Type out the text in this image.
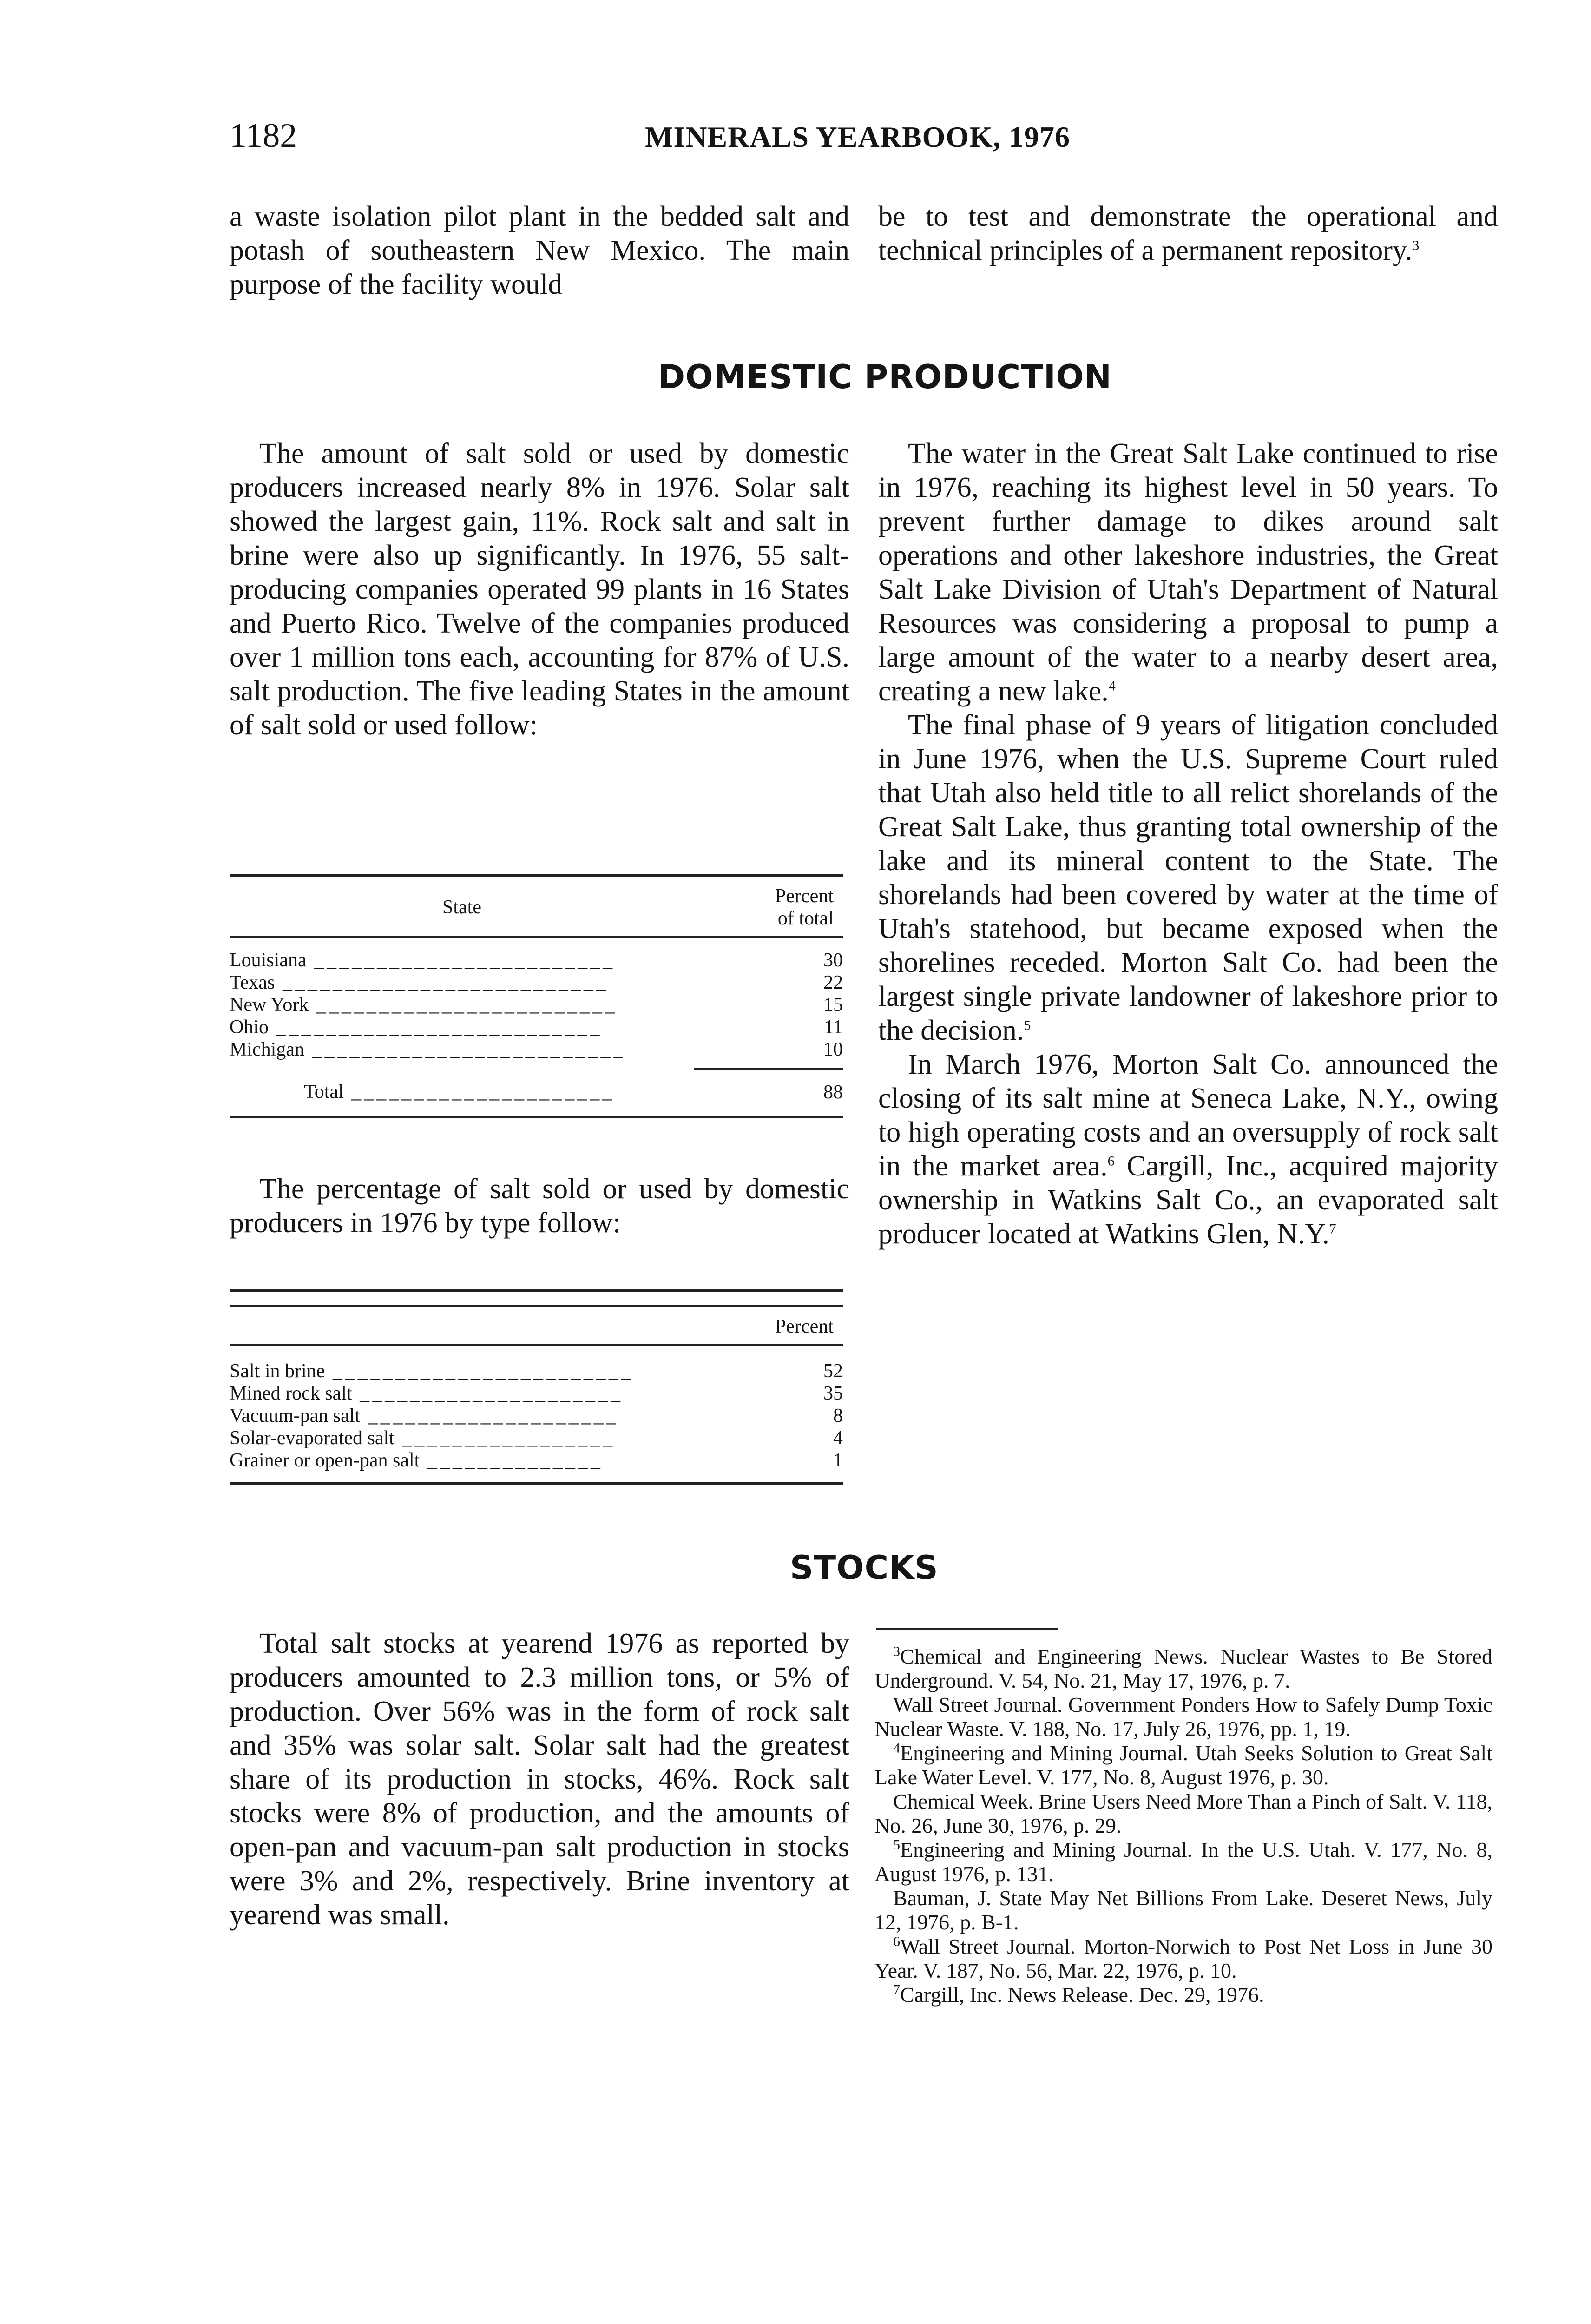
1182	MINERALS YEARBOOK, 1976

a waste isolation pilot plant in the bedded salt and potash of southeastern New Mexico. The main purpose of the facility would

be to test and demonstrate the operational and technical principles of a permanent repository.$^3$

DOMESTIC PRODUCTION

The amount of salt sold or used by domestic producers increased nearly 8% in 1976. Solar salt showed the largest gain, 11%. Rock salt and salt in brine were also up significantly. In 1976, 55 salt-producing companies operated 99 plants in 16 States and Puerto Rico. Twelve of the companies produced over 1 million tons each, accounting for 87% of U.S. salt production. The five leading States in the amount of salt sold or used follow:

State	Percent
of total

Louisiana ________________________	30
Texas __________________________	22
New York ________________________	15
Ohio __________________________	11
Michigan _________________________	10

Total _____________________	88

The percentage of salt sold or used by domestic producers in 1976 by type follow:

	Percent

Salt in brine ________________________	52
Mined rock salt _____________________	35
Vacuum-pan salt ____________________	8
Solar-evaporated salt _________________	4
Grainer or open-pan salt ______________	1

The water in the Great Salt Lake continued to rise in 1976, reaching its highest level in 50 years. To prevent further damage to dikes around salt operations and other lakeshore industries, the Great Salt Lake Division of Utah's Department of Natural Resources was considering a proposal to pump a large amount of the water to a nearby desert area, creating a new lake.$^4$

The final phase of 9 years of litigation concluded in June 1976, when the U.S. Supreme Court ruled that Utah also held title to all relict shorelands of the Great Salt Lake, thus granting total ownership of the lake and its mineral content to the State. The shorelands had been covered by water at the time of Utah's statehood, but became exposed when the shorelines receded. Morton Salt Co. had been the largest single private landowner of lakeshore prior to the decision.$^5$

In March 1976, Morton Salt Co. announced the closing of its salt mine at Seneca Lake, N.Y., owing to high operating costs and an oversupply of rock salt in the market area.$^6$ Cargill, Inc., acquired majority ownership in Watkins Salt Co., an evaporated salt producer located at Watkins Glen, N.Y.$^7$

STOCKS

Total salt stocks at yearend 1976 as reported by producers amounted to 2.3 million tons, or 5% of production. Over 56% was in the form of rock salt and 35% was solar salt. Solar salt had the greatest share of its production in stocks, 46%. Rock salt stocks were 8% of production, and the amounts of open-pan and vacuum-pan salt production in stocks were 3% and 2%, respectively. Brine inventory at yearend was small.

$^3$Chemical and Engineering News. Nuclear Wastes to Be Stored Underground. V. 54, No. 21, May 17, 1976, p. 7.

Wall Street Journal. Government Ponders How to Safely Dump Toxic Nuclear Waste. V. 188, No. 17, July 26, 1976, pp. 1, 19.

$^4$Engineering and Mining Journal. Utah Seeks Solution to Great Salt Lake Water Level. V. 177, No. 8, August 1976, p. 30.

Chemical Week. Brine Users Need More Than a Pinch of Salt. V. 118, No. 26, June 30, 1976, p. 29.

$^5$Engineering and Mining Journal. In the U.S. Utah. V. 177, No. 8, August 1976, p. 131.

Bauman, J. State May Net Billions From Lake. Deseret News, July 12, 1976, p. B-1.

$^6$Wall Street Journal. Morton-Norwich to Post Net Loss in June 30 Year. V. 187, No. 56, Mar. 22, 1976, p. 10.

$^7$Cargill, Inc. News Release. Dec. 29, 1976.
